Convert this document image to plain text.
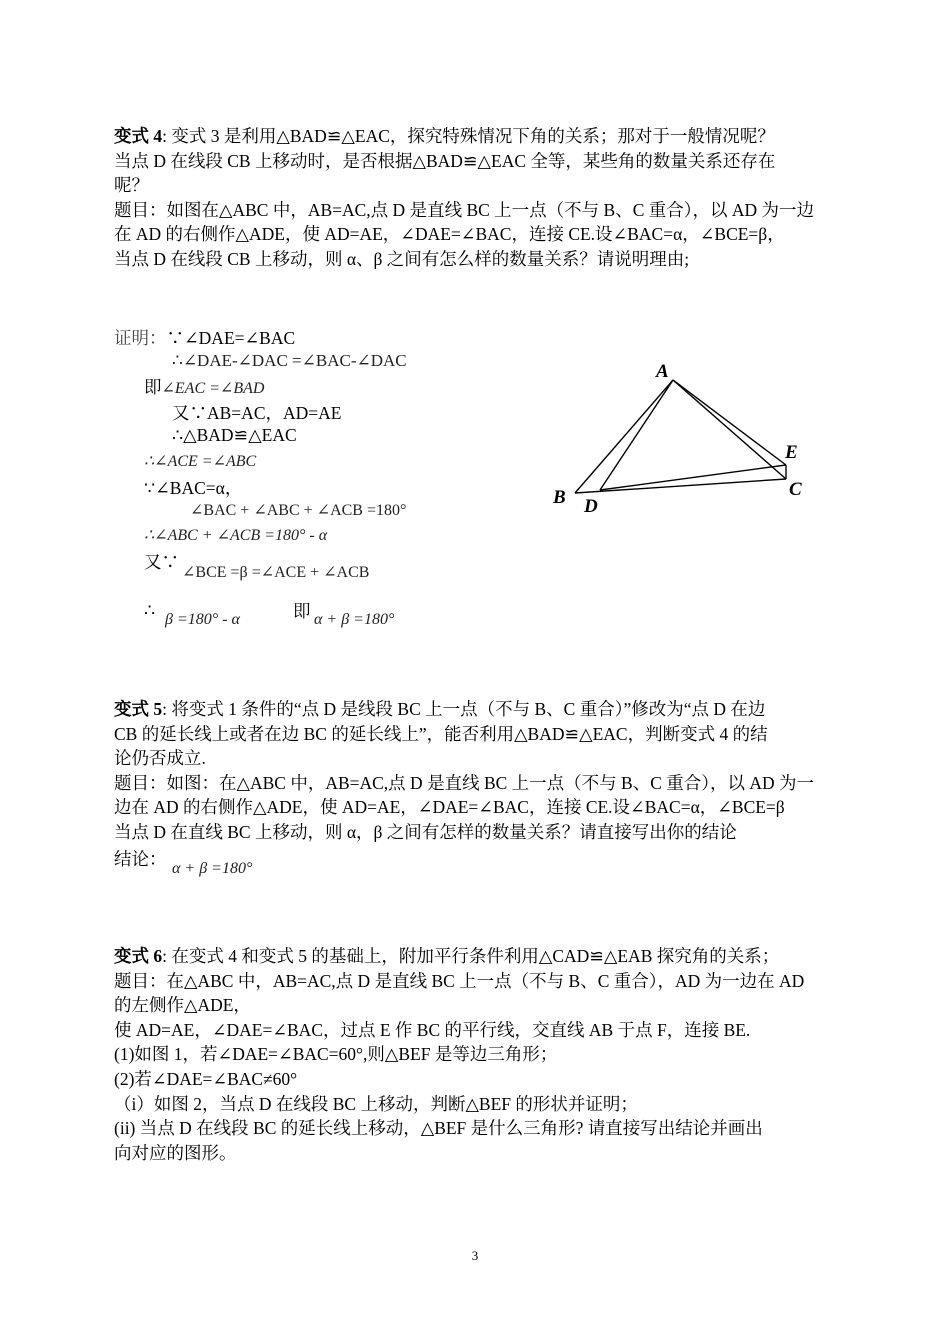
变式 4: 变式 3 是利用△BAD≌△EAC，探究特殊情况下角的关系；那对于一般情况呢？
当点 D 在线段 CB 上移动时，是否根据△BAD≌△EAC 全等，某些角的数量关系还存在
呢？
题目：如图在△ABC 中，AB=AC,点 D 是直线 BC 上一点（不与 B、C 重合），以 AD 为一边
在 AD 的右侧作△ADE，使 AD=AE，∠DAE=∠BAC，连接 CE.设∠BAC=α，∠BCE=β，
当点 D 在线段 CB 上移动，则 α、β 之间有怎么样的数量关系？请说明理由;
证明：∵∠DAE=∠BAC
∴∠DAE-∠DAC =∠BAC-∠DAC
即∠EAC =∠BAD
又∵AB=AC，AD=AE
∴△BAD≌△EAC
∴∠ACE =∠ABC
∵∠BAC=α，
∠BAC + ∠ABC + ∠ACB =180°
∴∠ABC + ∠ACB =180° - α
又∵
∠BCE =β =∠ACE + ∠ACB
∴ β =180° - α	即 α + β =180°
A
B	C
D
E
变式 5: 将变式 1 条件的“点 D 是线段 BC 上一点（不与 B、C 重合）”修改为“点 D 在边
CB 的延长线上或者在边 BC 的延长线上”，能否利用△BAD≌△EAC，判断变式 4 的结
论仍否成立.
题目：如图：在△ABC 中，AB=AC,点 D 是直线 BC 上一点（不与 B、C 重合），以 AD 为一
边在 AD 的右侧作△ADE，使 AD=AE，∠DAE=∠BAC，连接 CE.设∠BAC=α，∠BCE=β
当点 D 在直线 BC 上移动，则 α，β 之间有怎样的数量关系？请直接写出你的结论
结论： α + β =180°
变式 6: 在变式 4 和变式 5 的基础上，附加平行条件利用△CAD≌△EAB 探究角的关系；
题目：在△ABC 中，AB=AC,点 D 是直线 BC 上一点（不与 B、C 重合），AD 为一边在 AD
的左侧作△ADE，
使 AD=AE，∠DAE=∠BAC，过点 E 作 BC 的平行线，交直线 AB 于点 F，连接 BE.
(1)如图 1，若∠DAE=∠BAC=60°,则△BEF 是等边三角形；
(2)若∠DAE=∠BAC≠60°
（i）如图 2，当点 D 在线段 BC 上移动，判断△BEF 的形状并证明；
(ii) 当点 D 在线段 BC 的延长线上移动，△BEF 是什么三角形? 请直接写出结论并画出
向对应的图形。
3
